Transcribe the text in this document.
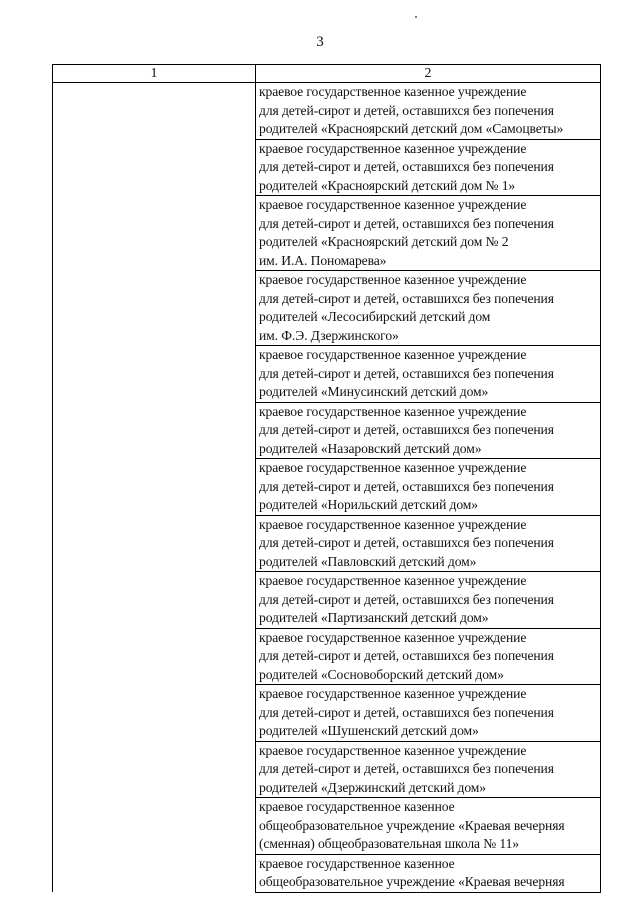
3
1	2

	краевое государственное казенное учреждение
для детей-сирот и детей, оставшихся без попечения
родителей «Красноярский детский дом «Самоцветы»

	краевое государственное казенное учреждение
для детей-сирот и детей, оставшихся без попечения
родителей «Красноярский детский дом № 1»

	краевое государственное казенное учреждение
для детей-сирот и детей, оставшихся без попечения
родителей «Красноярский детский дом № 2
им. И.А. Пономарева»

	краевое государственное казенное учреждение
для детей-сирот и детей, оставшихся без попечения
родителей «Лесосибирский детский дом
им. Ф.Э. Дзержинского»

	краевое государственное казенное учреждение
для детей-сирот и детей, оставшихся без попечения
родителей «Минусинский детский дом»

	краевое государственное казенное учреждение
для детей-сирот и детей, оставшихся без попечения
родителей «Назаровский детский дом»

	краевое государственное казенное учреждение
для детей-сирот и детей, оставшихся без попечения
родителей «Норильский детский дом»

	краевое государственное казенное учреждение
для детей-сирот и детей, оставшихся без попечения
родителей «Павловский детский дом»

	краевое государственное казенное учреждение
для детей-сирот и детей, оставшихся без попечения
родителей «Партизанский детский дом»

	краевое государственное казенное учреждение
для детей-сирот и детей, оставшихся без попечения
родителей «Сосновоборский детский дом»

	краевое государственное казенное учреждение
для детей-сирот и детей, оставшихся без попечения
родителей «Шушенский детский дом»

	краевое государственное казенное учреждение
для детей-сирот и детей, оставшихся без попечения
родителей «Дзержинский детский дом»

	краевое государственное казенное
общеобразовательное учреждение «Краевая вечерняя
(сменная) общеобразовательная школа № 11»

	краевое государственное казенное
общеобразовательное учреждение «Краевая вечерняя
